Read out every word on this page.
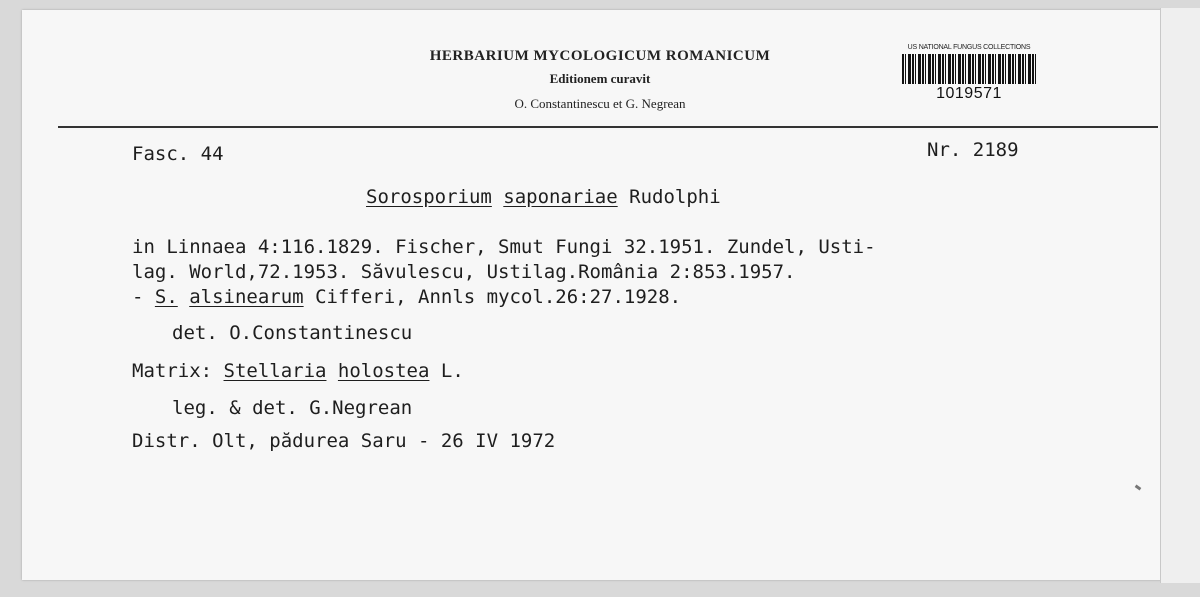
HERBARIUM MYCOLOGICUM ROMANICUM
Editionem curavit
O. Constantinescu et G. Negrean
US NATIONAL FUNGUS COLLECTIONS
1019571
Fasc. 44	Nr. 2189
Sorosporium saponariae Rudolphi
in Linnaea 4:116.1829. Fischer, Smut Fungi 32.1951. Zundel, Usti-
lag. World,72.1953. Săvulescu, Ustilag.România 2:853.1957.
- S. alsinearum Cifferi, Annls mycol.26:27.1928.
det. O.Constantinescu
Matrix: Stellaria holostea L.
leg. & det. G.Negrean
Distr. Olt, pădurea Saru - 26 IV 1972
